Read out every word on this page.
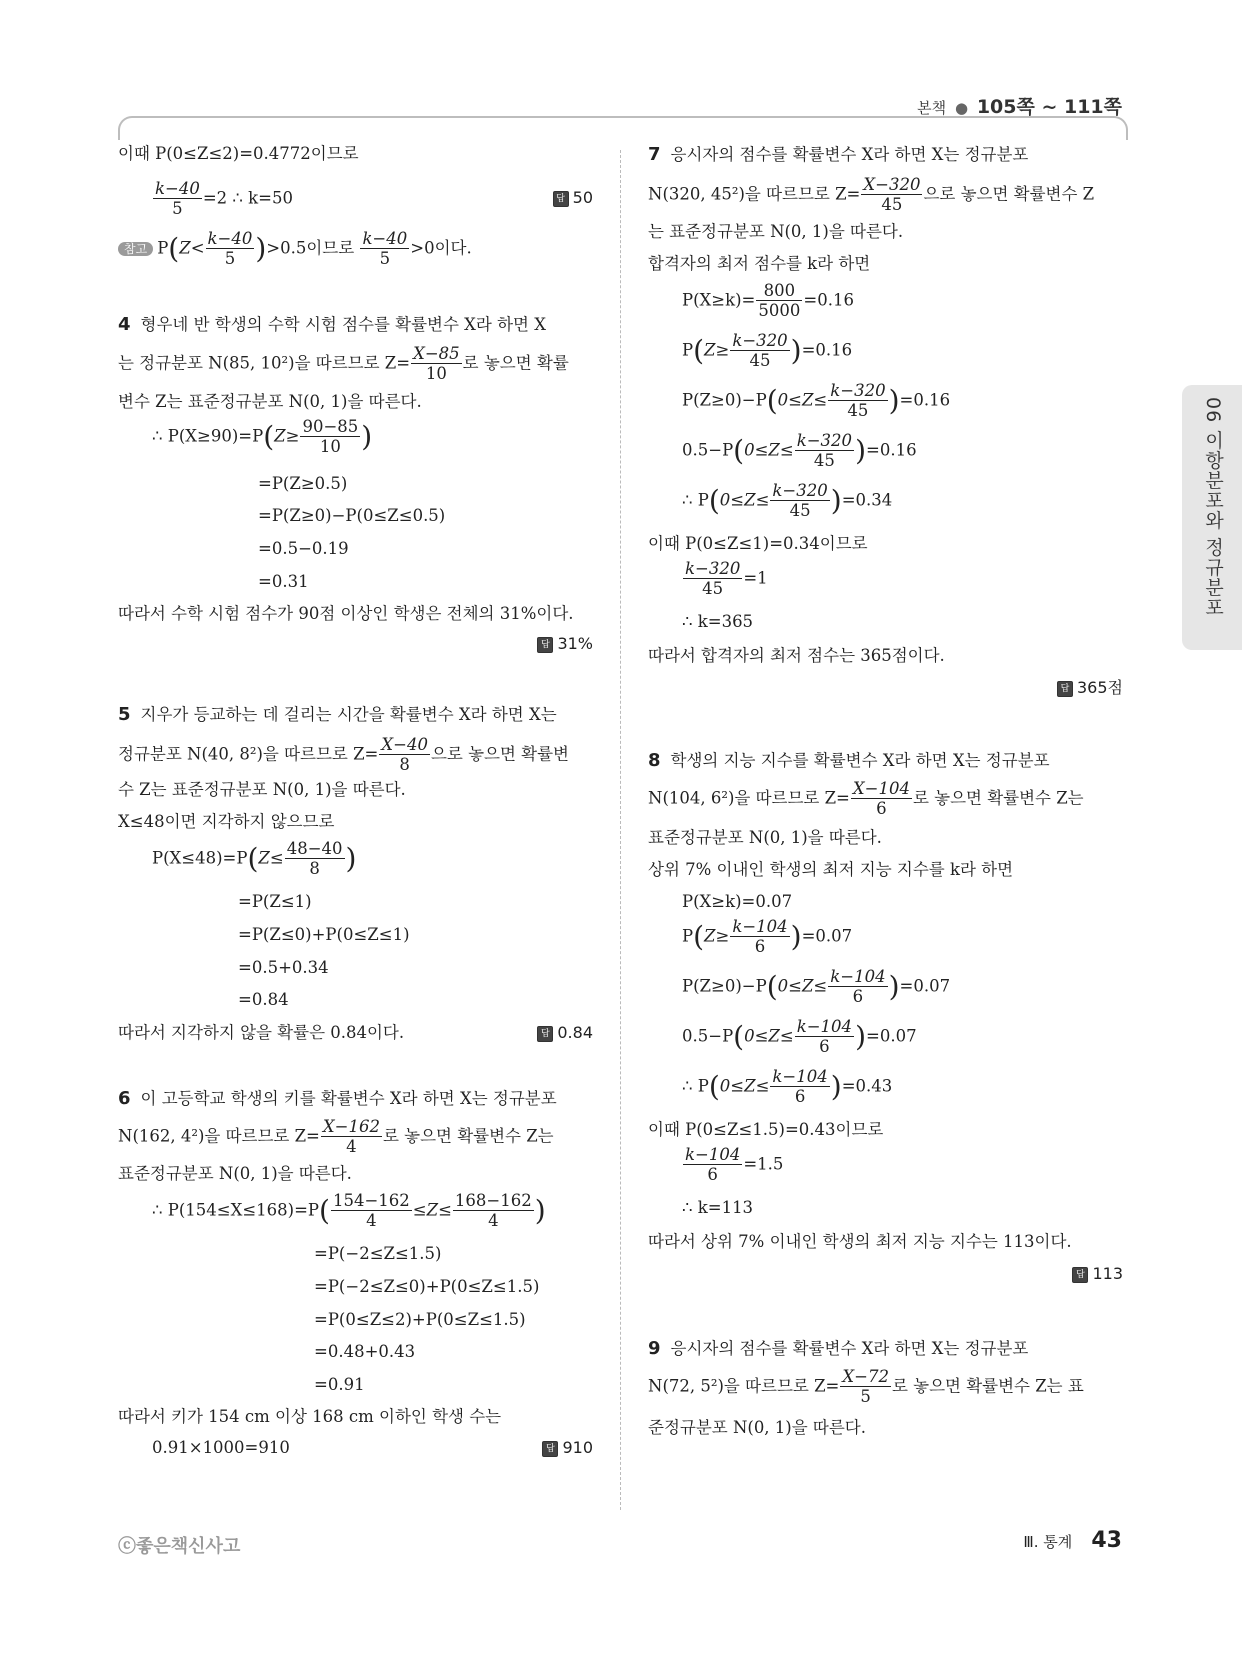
본책 ● 105쪽 ~ 111쪽
06 이항분포와 정규분포
이때 P(0≤Z≤2)=0.4772이므로
$\frac{k-40}{5} =2$ ∴ k=50	답 50
참고 $P(Z< \frac{k-40}{5} )>0.5$이므로 $\frac{k-40}{5} >0$이다.
4 형우네 반 학생의 수학 시험 점수를 확률변수 X라 하면 X
는 정규분포 N(85, 10²)을 따르므로 $Z= \frac{X-85}{10}$ 로 놓으면 확률
변수 Z는 표준정규분포 N(0, 1)을 따른다.
∴ $P(X\ge 90)=P(Z\ge \frac{90-85}{10}$ )
=P(Z≥0.5)
=P(Z≥0)−P(0≤Z≤0.5)
=0.5−0.19
=0.31
따라서 수학 시험 점수가 90점 이상인 학생은 전체의 31%이다.
답 31%
5 지우가 등교하는 데 걸리는 시간을 확률변수 X라 하면 X는
정규분포 N(40, 8²)을 따르므로 $Z= \frac{X-40}{8}$ 으로 놓으면 확률변
수 Z는 표준정규분포 N(0, 1)을 따른다.
X≤48이면 지각하지 않으므로
$P(X\le 48)=P(Z\le \frac{48-40}{8}$ )
=P(Z≤1)
=P(Z≤0)+P(0≤Z≤1)
=0.5+0.34
=0.84
따라서 지각하지 않을 확률은 0.84이다.	답 0.84
6 이 고등학교 학생의 키를 확률변수 X라 하면 X는 정규분포
N(162, 4²)을 따르므로 $Z= \frac{X-162}{4}$ 로 놓으면 확률변수 Z는
표준정규분포 N(0, 1)을 따른다.
∴ $P(154\le X\le 168)=P( \frac{154-162}{4} \le Z\le \frac{168-162}{4}$ )
=P(−2≤Z≤1.5)
=P(−2≤Z≤0)+P(0≤Z≤1.5)
=P(0≤Z≤2)+P(0≤Z≤1.5)
=0.48+0.43
=0.91
따라서 키가 154 cm 이상 168 cm 이하인 학생 수는
0.91×1000=910	답 910
7 응시자의 점수를 확률변수 X라 하면 X는 정규분포
N(320, 45²)을 따르므로 $Z= \frac{X-320}{45}$ 으로 놓으면 확률변수 Z
는 표준정규분포 N(0, 1)을 따른다.
합격자의 최저 점수를 k라 하면
$P(X\ge k)= \frac{800}{5000} =0.16$
$P(Z\ge \frac{k-320}{45} )=0.16$
$P(Z\ge 0)-P(0\le Z\le \frac{k-320}{45} )=0.16$
$0.5-P(0\le Z\le \frac{k-320}{45} )=0.16$
∴ $P(0\le Z\le \frac{k-320}{45} )=0.34$
이때 P(0≤Z≤1)=0.34이므로
$\frac{k-320}{45} =1$
∴ k=365
따라서 합격자의 최저 점수는 365점이다.
답 365점
8 학생의 지능 지수를 확률변수 X라 하면 X는 정규분포
N(104, 6²)을 따르므로 $Z= \frac{X-104}{6}$ 로 놓으면 확률변수 Z는
표준정규분포 N(0, 1)을 따른다.
상위 7% 이내인 학생의 최저 지능 지수를 k라 하면
P(X≥k)=0.07
$P(Z\ge \frac{k-104}{6} )=0.07$
$P(Z\ge 0)-P(0\le Z\le \frac{k-104}{6} )=0.07$
$0.5-P(0\le Z\le \frac{k-104}{6} )=0.07$
∴ $P(0\le Z\le \frac{k-104}{6} )=0.43$
이때 P(0≤Z≤1.5)=0.43이므로
$\frac{k-104}{6} =1.5$
∴ k=113
따라서 상위 7% 이내인 학생의 최저 지능 지수는 113이다.
답 113
9 응시자의 점수를 확률변수 X라 하면 X는 정규분포
N(72, 5²)을 따르므로 $Z= \frac{X-72}{5}$ 로 놓으면 확률변수 Z는 표
준정규분포 N(0, 1)을 따른다.
ⓒ좋은책신사고	Ⅲ. 통계 43
